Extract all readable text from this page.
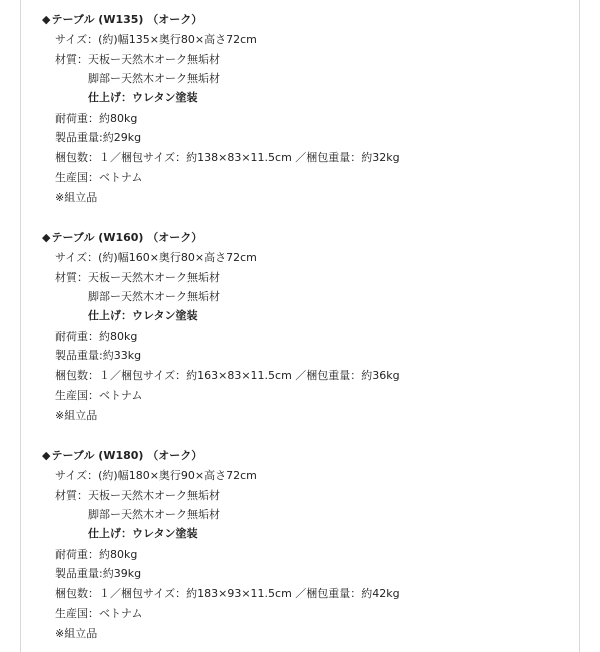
◆テーブル (W135) （オーク）
サイズ：(約)幅135×奥行80×高さ72cm
材質： 天板ー天然木オーク無垢材
脚部ー天然木オーク無垢材
仕上げ：ウレタン塗装
耐荷重：約80kg
製品重量:約29kg
梱包数：１／梱包サイズ：約138×83×11.5cm ／梱包重量：約32kg
生産国：ベトナム
※組立品
◆テーブル (W160) （オーク）
サイズ：(約)幅160×奥行80×高さ72cm
材質： 天板ー天然木オーク無垢材
脚部ー天然木オーク無垢材
仕上げ：ウレタン塗装
耐荷重：約80kg
製品重量:約33kg
梱包数：１／梱包サイズ：約163×83×11.5cm ／梱包重量：約36kg
生産国：ベトナム
※組立品
◆テーブル (W180) （オーク）
サイズ：(約)幅180×奥行90×高さ72cm
材質： 天板ー天然木オーク無垢材
脚部ー天然木オーク無垢材
仕上げ：ウレタン塗装
耐荷重：約80kg
製品重量:約39kg
梱包数：１／梱包サイズ：約183×93×11.5cm ／梱包重量：約42kg
生産国：ベトナム
※組立品
